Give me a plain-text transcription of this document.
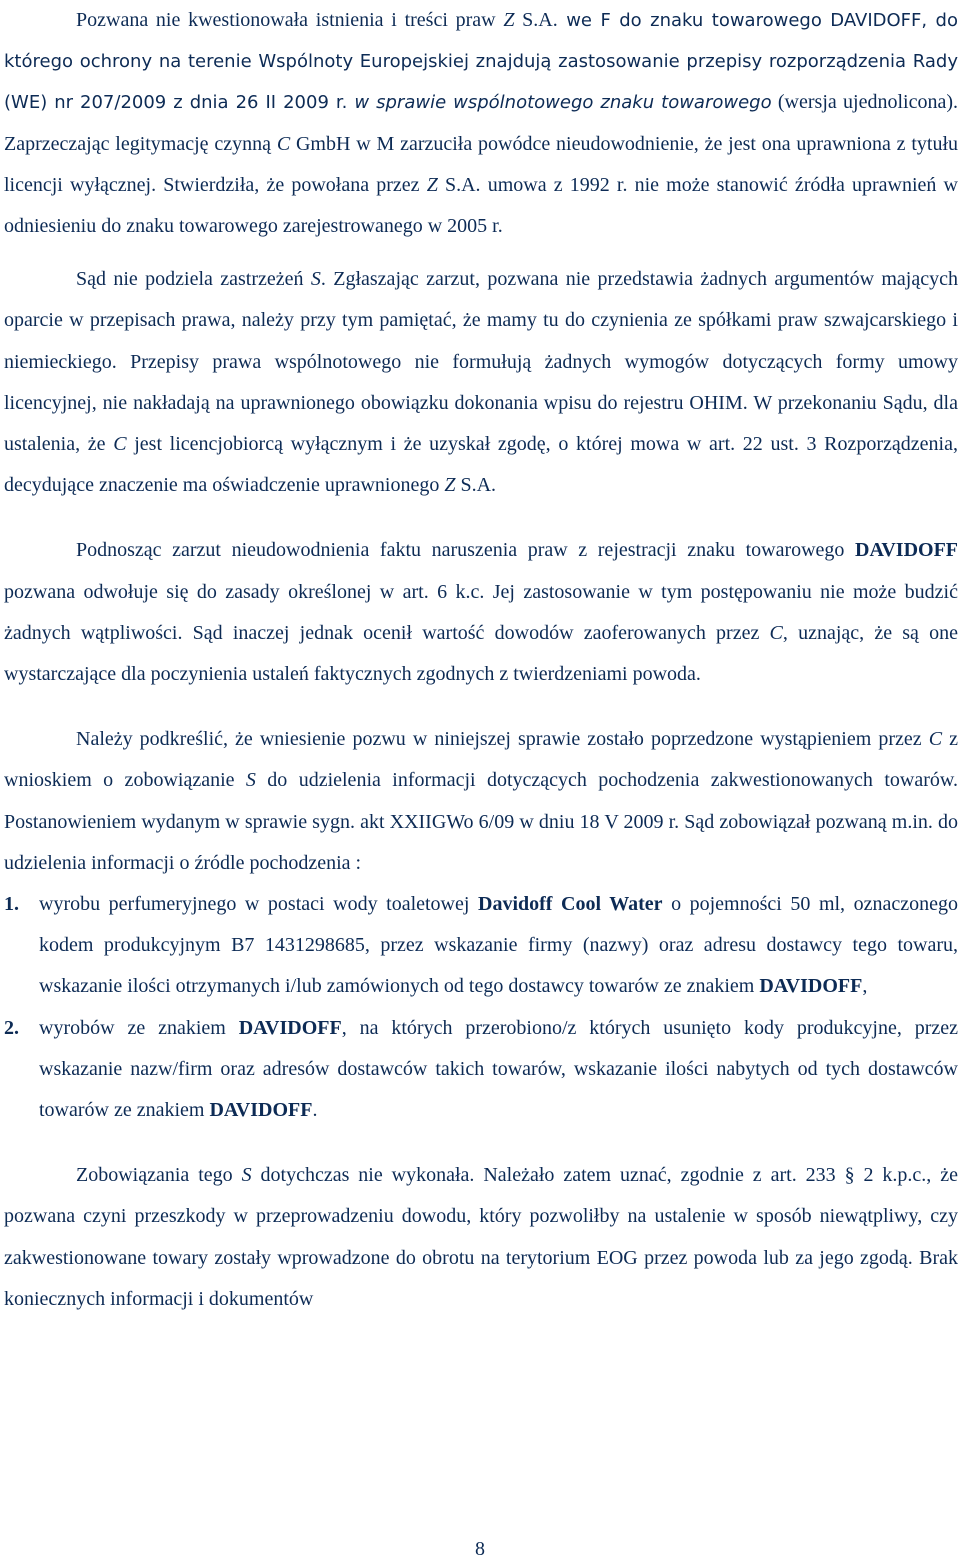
Pozwana nie kwestionowała istnienia i treści praw Z S.A. we F do znaku towarowego DAVIDOFF, do którego ochrony na terenie Wspólnoty Europejskiej znajdują zastosowanie przepisy rozporządzenia Rady (WE) nr 207/2009 z dnia 26 II 2009 r. w sprawie wspólnotowego znaku towarowego (wersja ujednolicona). Zaprzeczając legitymację czynną C GmbH w M zarzuciła powódce nieudowodnienie, że jest ona uprawniona z tytułu licencji wyłącznej. Stwierdziła, że powołana przez Z S.A. umowa z 1992 r. nie może stanowić źródła uprawnień w odniesieniu do znaku towarowego zarejestrowanego w 2005 r.

Sąd nie podziela zastrzeżeń S. Zgłaszając zarzut, pozwana nie przedstawia żadnych argumentów mających oparcie w przepisach prawa, należy przy tym pamiętać, że mamy tu do czynienia ze spółkami praw szwajcarskiego i niemieckiego. Przepisy prawa wspólnotowego nie formułują żadnych wymogów dotyczących formy umowy licencyjnej, nie nakładają na uprawnionego obowiązku dokonania wpisu do rejestru OHIM. W przekonaniu Sądu, dla ustalenia, że C jest licencjobiorcą wyłącznym i że uzyskał zgodę, o której mowa w art. 22 ust. 3 Rozporządzenia, decydujące znaczenie ma oświadczenie uprawnionego Z S.A.

Podnosząc zarzut nieudowodnienia faktu naruszenia praw z rejestracji znaku towarowego DAVIDOFF pozwana odwołuje się do zasady określonej w art. 6 k.c. Jej zastosowanie w tym postępowaniu nie może budzić żadnych wątpliwości. Sąd inaczej jednak ocenił wartość dowodów zaoferowanych przez C, uznając, że są one wystarczające dla poczynienia ustaleń faktycznych zgodnych z twierdzeniami powoda.

Należy podkreślić, że wniesienie pozwu w niniejszej sprawie zostało poprzedzone wystąpieniem przez C z wnioskiem o zobowiązanie S do udzielenia informacji dotyczących pochodzenia zakwestionowanych towarów. Postanowieniem wydanym w sprawie sygn. akt XXIIGWo 6/09 w dniu 18 V 2009 r. Sąd zobowiązał pozwaną m.in. do udzielenia informacji o źródle pochodzenia :

1. wyrobu perfumeryjnego w postaci wody toaletowej Davidoff Cool Water o pojemności 50 ml, oznaczonego kodem produkcyjnym B7 1431298685, przez wskazanie firmy (nazwy) oraz adresu dostawcy tego towaru, wskazanie ilości otrzymanych i/lub zamówionych od tego dostawcy towarów ze znakiem DAVIDOFF,

2. wyrobów ze znakiem DAVIDOFF, na których przerobiono/z których usunięto kody produkcyjne, przez wskazanie nazw/firm oraz adresów dostawców takich towarów, wskazanie ilości nabytych od tych dostawców towarów ze znakiem DAVIDOFF.

Zobowiązania tego S dotychczas nie wykonała. Należało zatem uznać, zgodnie z art. 233 § 2 k.p.c., że pozwana czyni przeszkody w przeprowadzeniu dowodu, który pozwoliłby na ustalenie w sposób niewątpliwy, czy zakwestionowane towary zostały wprowadzone do obrotu na terytorium EOG przez powoda lub za jego zgodą. Brak koniecznych informacji i dokumentów

8
